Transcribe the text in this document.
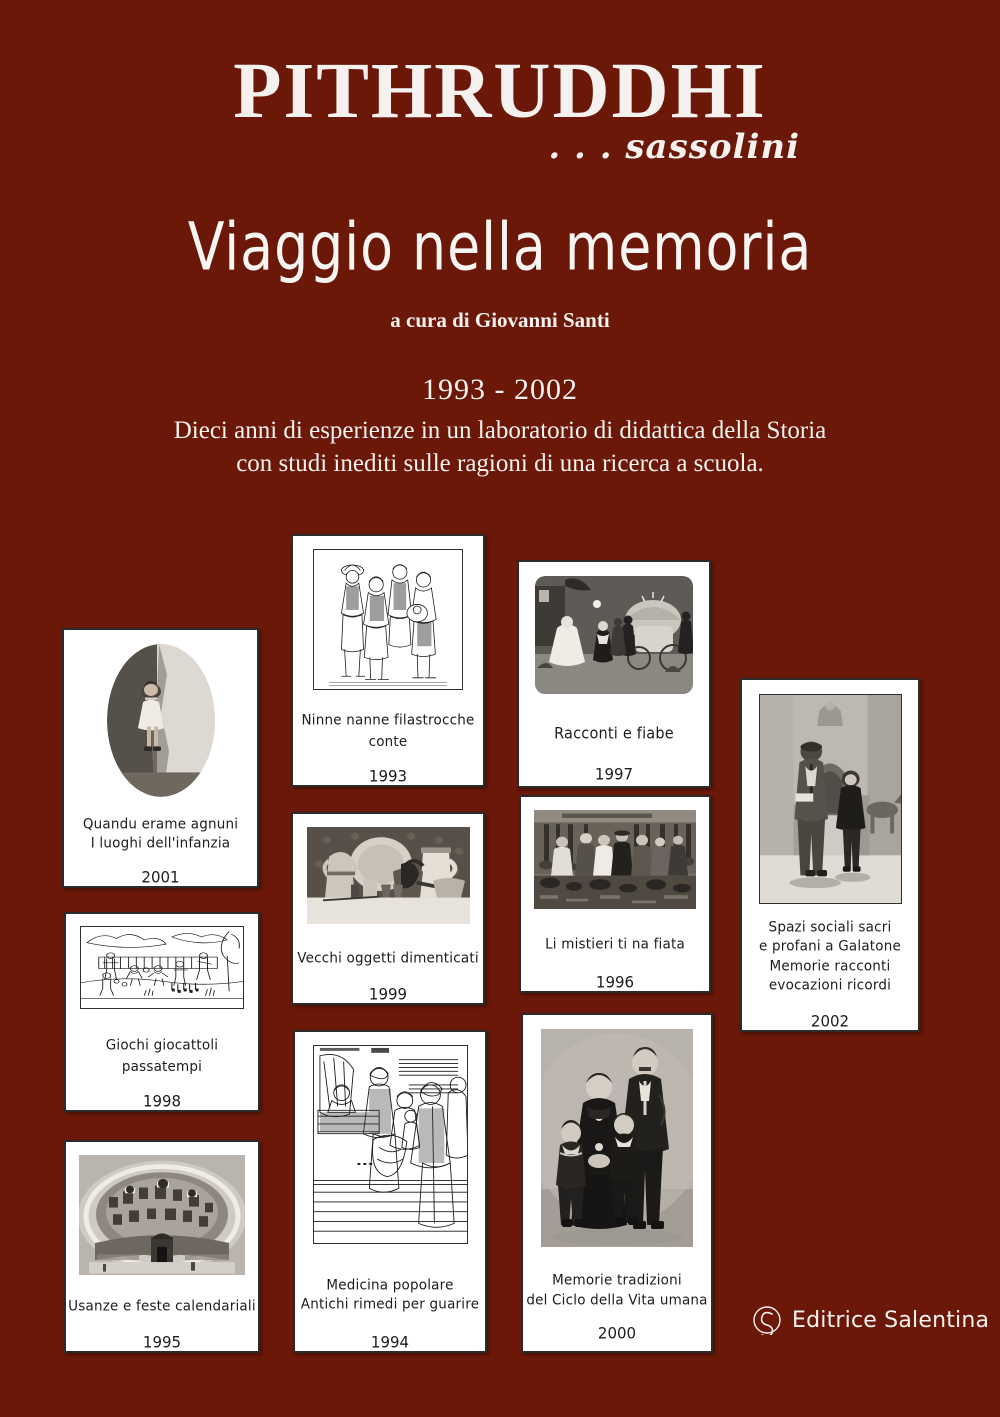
PITHRUDDHI
. . . sassolini
Viaggio nella memoria
a cura di Giovanni Santi
1993 - 2002
Dieci anni di esperienze in un laboratorio di didattica della Storia
con studi inediti sulle ragioni di una ricerca a scuola.
Quandu erame agnuni
I luoghi dell'infanzia
2001
Ninne nanne filastrocche conte
1993
Racconti e fiabe
1997
Spazi sociali sacri
e profani a Galatone
Memorie racconti
evocazioni ricordi
2002
Vecchi oggetti dimenticati
1999
Li mistieri ti na fiata
1996
Giochi giocattoli passatempi
1998
Usanze e feste calendariali
1995
Medicina popolare
Antichi rimedi per guarire
1994
Memorie tradizioni
del Ciclo della Vita umana
2000
Editrice Salentina
